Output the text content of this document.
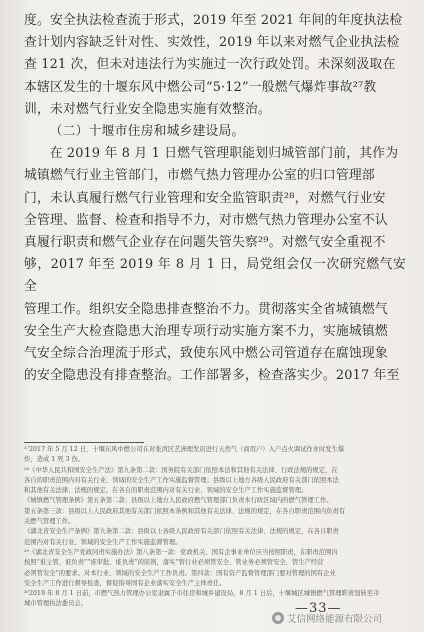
度。安全执法检查流于形式，2019 年至 2021 年间的年度执法检
查计划内容缺乏针对性、实效性，2019 年以来对燃气企业执法检
查 121 次，但未对违法行为实施过一次行政处罚。未深刻汲取在
本辖区发生的十堰东风中燃公司“5·12”一般燃气爆炸事故²⁷教
训，未对燃气行业安全隐患实施有效整治。

（二）十堰市住房和城乡建设局。

在 2019 年 8 月 1 日燃气管理职能划归城管部门前，其作为
城镇燃气行业主管部门，市燃气热力管理办公室的归口管理部
门，未认真履行燃气行业管理和安全监管职责²⁸，对燃气行业安
全管理、监督、检查和指导不力，对市燃气热力管理办公室不认
真履行职责和燃气企业存在问题失管失察²⁹。对燃气安全重视不
够，2017 年至 2019 年 8 月 1 日，局党组会仅一次研究燃气安全
管理工作。组织安全隐患排查整治不力。贯彻落实全省城镇燃气
安全生产大检查隐患大治理专项行动实施方案不力，实施城镇燃
气安全综合治理流于形式，致使东风中燃公司管道存在腐蚀现象
的安全隐患没有排查整治。工作部署多，检查落实少。2017 年至

²⁷2017 年 5 月 12 日，十堰东风中燃公司在对张湾区艺洲理发店进行天然气（商用户）入户点火调试作业时发生爆
炸，造成 1 死 3 伤。
²⁸《中华人民共和国安全生产法》第九条第二款：国务院有关部门依照本法和其他有关法律、行政法规的规定，在
各自的职责范围内对有关行业、领域的安全生产工作实施监督管理；县级以上地方各级人民政府有关部门依照本法
和其他有关法律、法规的规定，在各自的职责范围内对有关行业、领域的安全生产工作实施监督管理。
《城镇燃气管理条例》第五条第二款：县级以上地方人民政府燃气管理部门负责本行政区域内的燃气管理工作。
第五条第三款：县级以上人民政府其他有关部门依照本条例和其他有关法律、法规的规定，在各自职责范围内负责有
关燃气管理工作。
《湖北省安全生产条例》第九条第二款：县级以上各级人民政府有关部门依照有关法律、法规的规定，在各自职责
范围内对有关行业、领域的安全生产工作实施监督管理。
²⁹《湖北省安全生产党政同责实施办法》第八条第一款：党政机关、国有企事业单位应当按照职责，在职责范围内
按照“谁主管、谁负责”“谁审批、谁负责”的原则，落实“管行业必须管安全、管业务必须管安全、管生产经营
必须管安全”的要求。对本行业、领域的安全生产工作负责。第四款：国有资产监督管理部门要对管理的国有企业
安全生产工作进行督导检查，督促指导国有企业落实安全生产主体责任。
³⁰2019 年 8 月 1 日前，市燃气热力管理办公室隶属于市住房和城乡建设局，8 月 1 日后，十堰城区城镇燃气管理职责划转至市
城市管理执法委员会。	—33—
艾信网络能源有限公司
